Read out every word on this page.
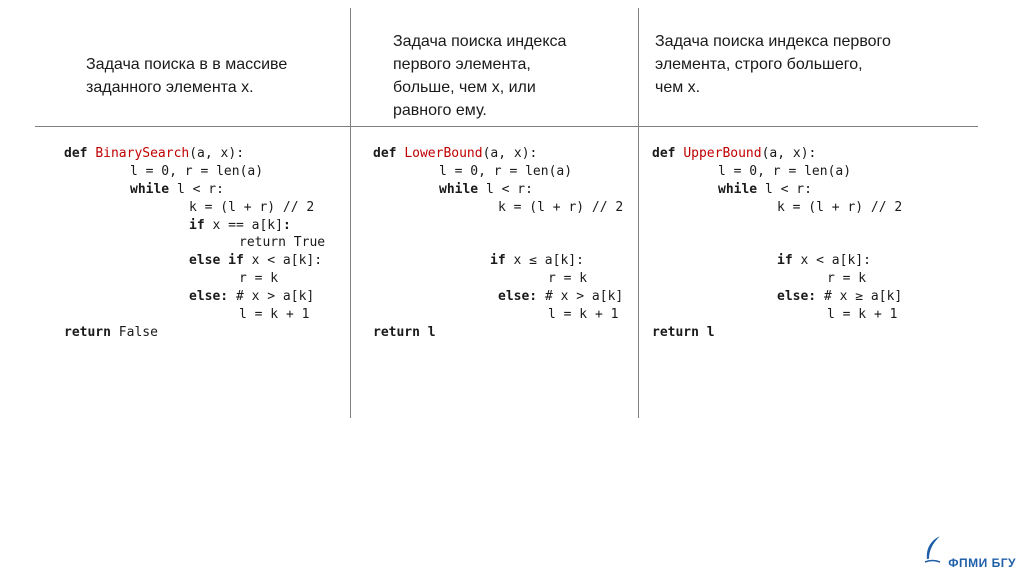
Задача поиска в в массиве
заданного элемента x.
Задача поиска индекса
первого элемента,
больше, чем x, или
равного ему.
Задача поиска индекса первого
элемента, строго большего,
чем x.
def BinarySearch(a, x):
l = 0, r = len(a)
while l < r:
k = (l + r) // 2
if x == a[k]:
return True
else if x < a[k]:
r = k
else: # x > a[k]
l = k + 1
return False
def LowerBound(a, x):
l = 0, r = len(a)
while l < r:
k = (l + r) // 2
if x ≤ a[k]:
r = k
else: # x > a[k]
l = k + 1
return l
def UpperBound(a, x):
l = 0, r = len(a)
while l < r:
k = (l + r) // 2
if x < a[k]:
r = k
else: # x ≥ a[k]
l = k + 1
return l
ФПМИ БГУ
